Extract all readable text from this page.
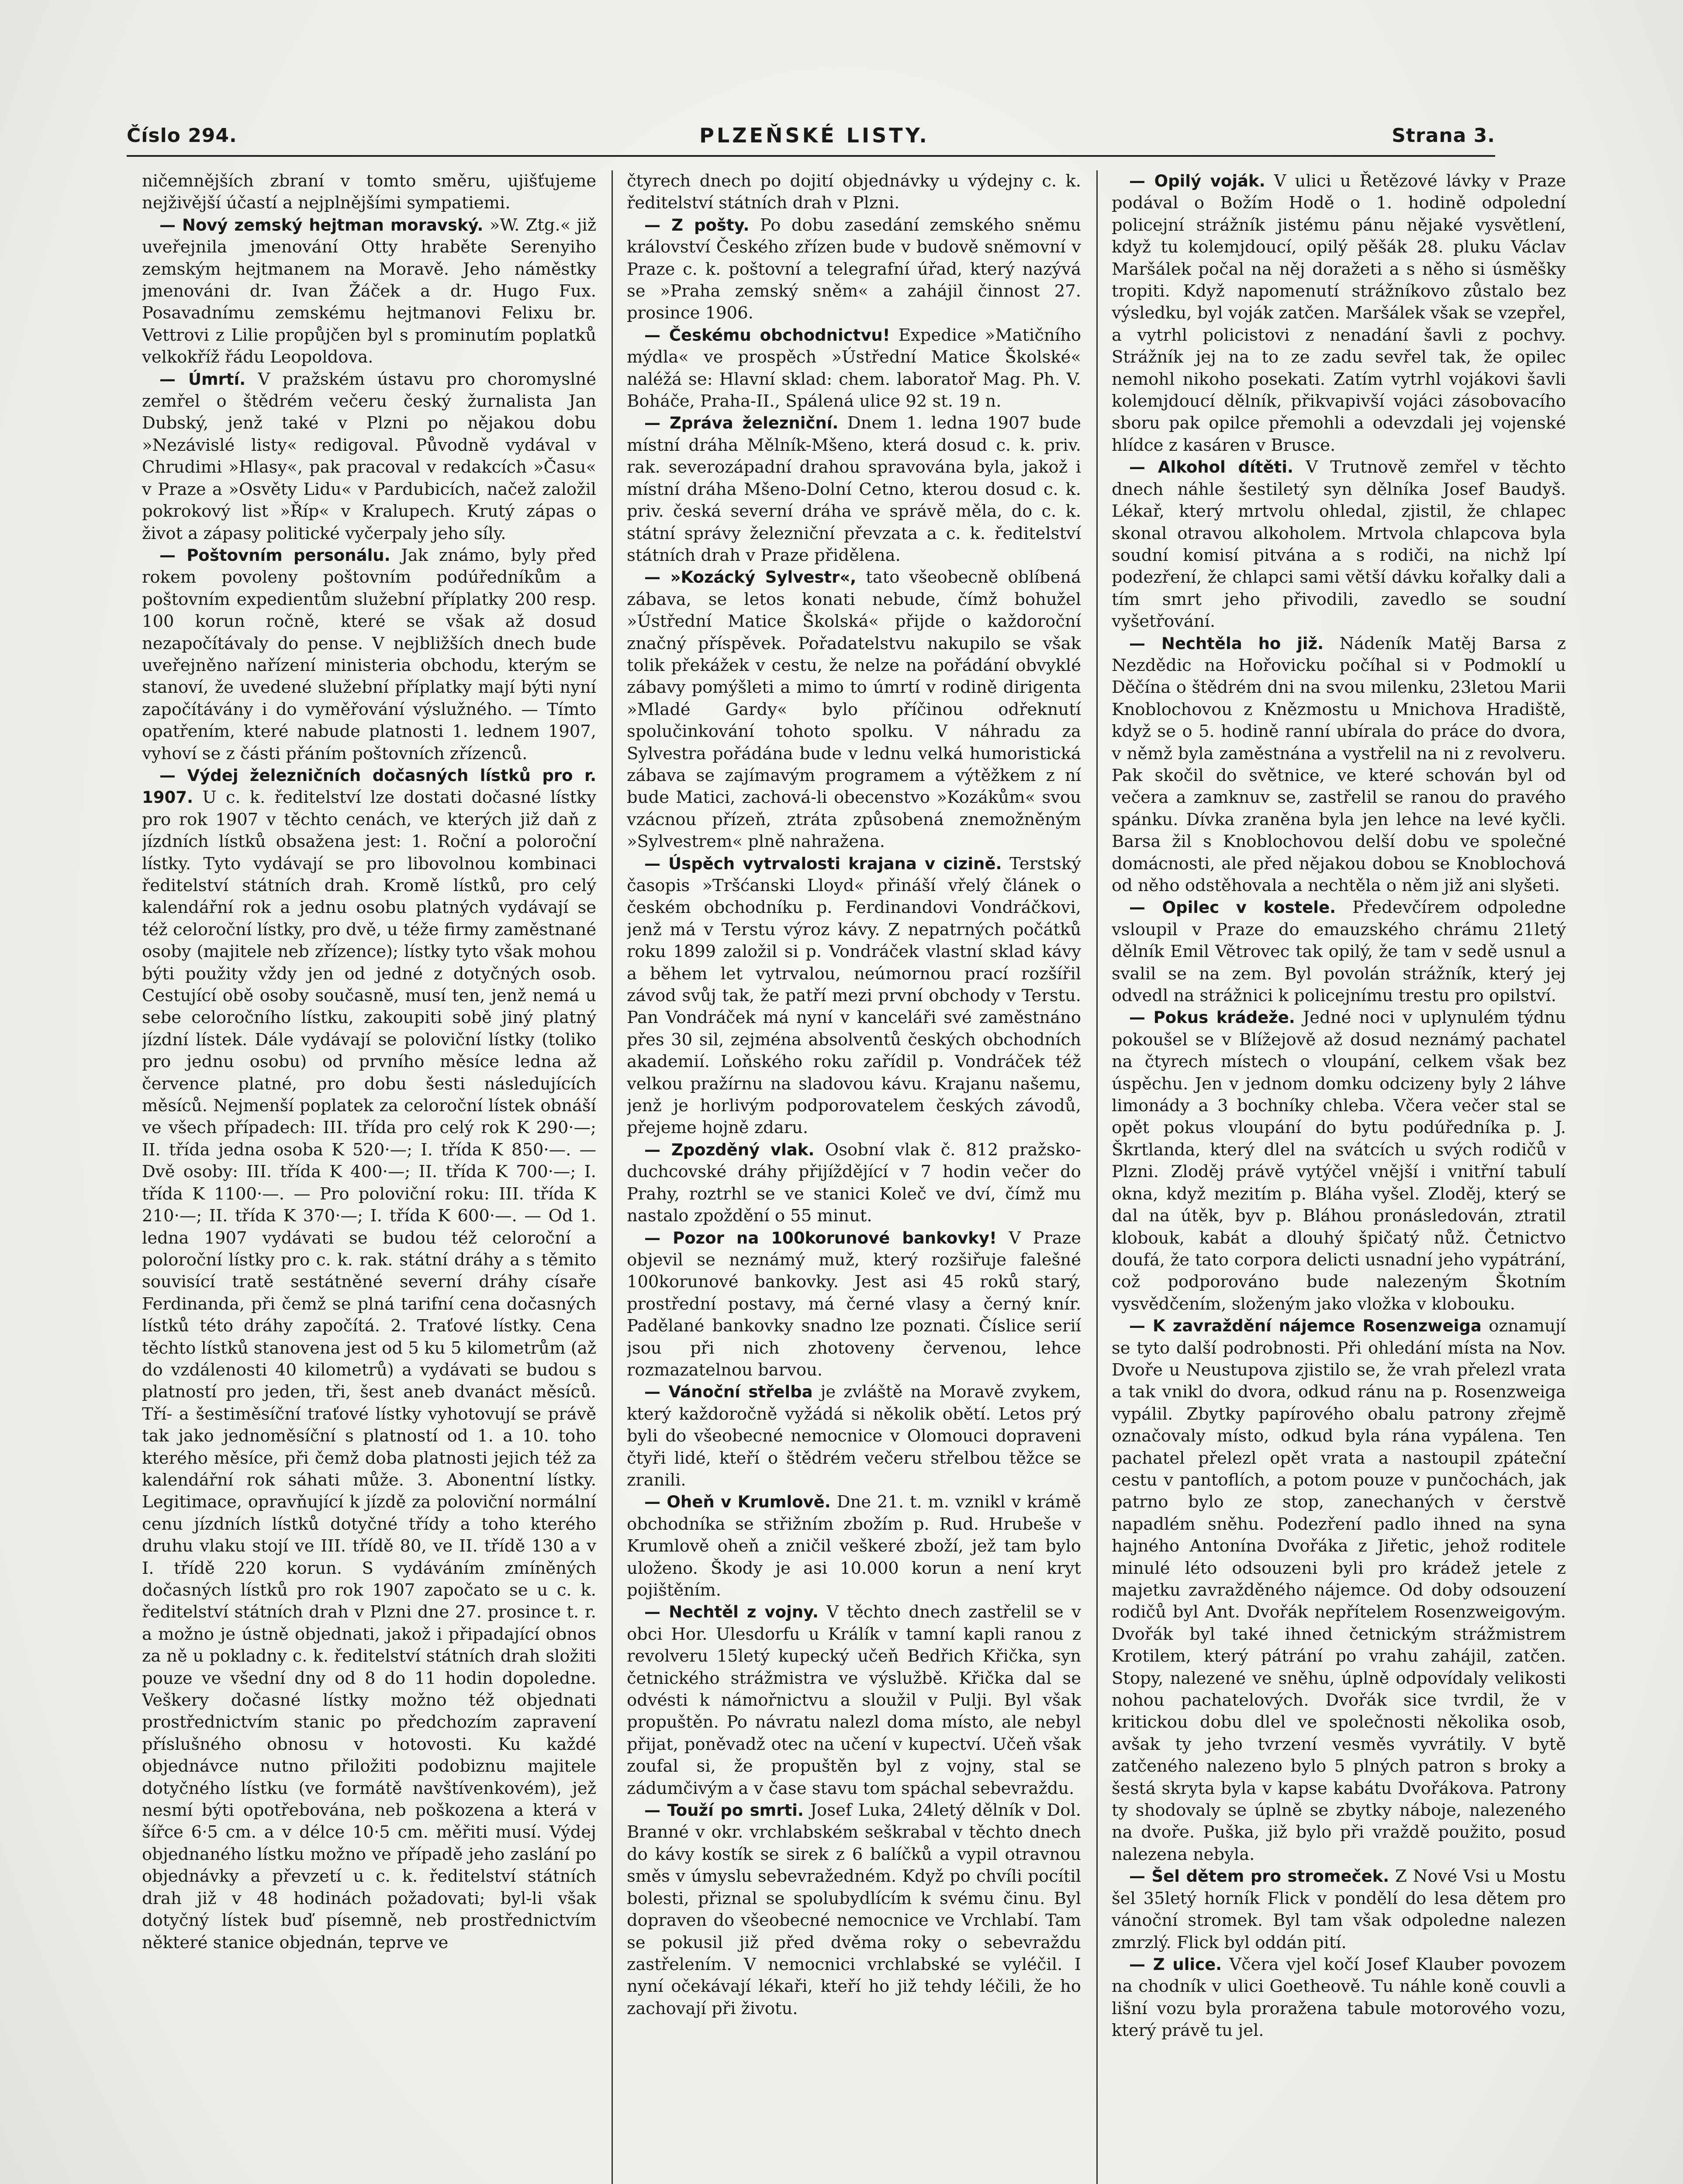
Číslo 294.	PLZEŇSKÉ LISTY.	Strana 3.

ničemnějších zbraní v tomto směru, ujišťujeme nejživější účastí a nejplnějšími sympatiemi.

— Nový zemský hejtman moravský. »W. Ztg.« již uveřejnila jmenování Otty hraběte Serenyiho zemským hejtmanem na Moravě. Jeho náměstky jmenováni dr. Ivan Žáček a dr. Hugo Fux. Posavadnímu zemskému hejtmanovi Felixu br. Vettrovi z Lilie propůjčen byl s prominutím poplatků velkokříž řádu Leopoldova.

— Úmrtí. V pražském ústavu pro choromyslné zemřel o štědrém večeru český žurnalista Jan Dubský, jenž také v Plzni po nějakou dobu »Nezávislé listy« redigoval. Původně vydával v Chrudimi »Hlasy«, pak pracoval v redakcích »Času« v Praze a »Osvěty Lidu« v Pardubicích, načež založil pokrokový list »Říp« v Kralupech. Krutý zápas o život a zápasy politické vyčerpaly jeho síly.

— Poštovním personálu. Jak známo, byly před rokem povoleny poštovním podúředníkům a poštovním expedientům služební příplatky 200 resp. 100 korun ročně, které se však až dosud nezapočítávaly do pense. V nejbližších dnech bude uveřejněno nařízení ministeria obchodu, kterým se stanoví, že uvedené služební příplatky mají býti nyní započítávány i do vyměřování výslužného. — Tímto opatřením, které nabude platnosti 1. lednem 1907, vyhoví se z části přáním poštovních zřízenců.

— Výdej železničních dočasných lístků pro r. 1907. U c. k. ředitelství lze dostati dočasné lístky pro rok 1907 v těchto cenách, ve kterých již daň z jízdních lístků obsažena jest: 1. Roční a poloroční lístky. Tyto vydávají se pro libovolnou kombinaci ředitelství státních drah. Kromě lístků, pro celý kalendářní rok a jednu osobu platných vydávají se též celoroční lístky, pro dvě, u téže firmy zaměstnané osoby (majitele neb zřízence); lístky tyto však mohou býti použity vždy jen od jedné z dotyčných osob. Cestující obě osoby současně, musí ten, jenž nemá u sebe celoročního lístku, zakoupiti sobě jiný platný jízdní lístek. Dále vydávají se poloviční lístky (toliko pro jednu osobu) od prvního měsíce ledna až července platné, pro dobu šesti následujících měsíců. Nejmenší poplatek za celoroční lístek obnáší ve všech případech: III. třída pro celý rok K 290·—; II. třída jedna osoba K 520·—; I. třída K 850·—. — Dvě osoby: III. třída K 400·—; II. třída K 700·—; I. třída K 1100·—. — Pro poloviční roku: III. třída K 210·—; II. třída K 370·—; I. třída K 600·—. — Od 1. ledna 1907 vydávati se budou též celoroční a poloroční lístky pro c. k. rak. státní dráhy a s těmito souvisící tratě sestátněné severní dráhy císaře Ferdinanda, při čemž se plná tarifní cena dočasných lístků této dráhy započítá. 2. Traťové lístky. Cena těchto lístků stanovena jest od 5 ku 5 kilometrům (až do vzdálenosti 40 kilometrů) a vydávati se budou s platností pro jeden, tři, šest aneb dvanáct měsíců. Tří- a šestiměsíční traťové lístky vyhotovují se právě tak jako jednoměsíční s platností od 1. a 10. toho kterého měsíce, při čemž doba platnosti jejich též za kalendářní rok sáhati může. 3. Abonentní lístky. Legitimace, opravňující k jízdě za poloviční normální cenu jízdních lístků dotyčné třídy a toho kterého druhu vlaku stojí ve III. třídě 80, ve II. třídě 130 a v I. třídě 220 korun. S vydáváním zmíněných dočasných lístků pro rok 1907 započato se u c. k. ředitelství státních drah v Plzni dne 27. prosince t. r. a možno je ústně objednati, jakož i připadající obnos za ně u pokladny c. k. ředitelství státních drah složiti pouze ve všední dny od 8 do 11 hodin dopoledne. Veškery dočasné lístky možno též objednati prostřednictvím stanic po předchozím zapravení příslušného obnosu v hotovosti. Ku každé objednávce nutno přiložiti podobiznu majitele dotyčného lístku (ve formátě navštívenkovém), jež nesmí býti opotřebována, neb poškozena a která v šířce 6·5 cm. a v délce 10·5 cm. měřiti musí. Výdej objednaného lístku možno ve případě jeho zaslání po objednávky a převzetí u c. k. ředitelství státních drah již v 48 hodinách požadovati; byl-li však dotyčný lístek buď písemně, neb prostřednictvím některé stanice objednán, teprve ve

čtyrech dnech po dojití objednávky u výdejny c. k. ředitelství státních drah v Plzni.

— Z pošty. Po dobu zasedání zemského sněmu království Českého zřízen bude v budově sněmovní v Praze c. k. poštovní a telegrafní úřad, který nazývá se »Praha zemský sněm« a zahájil činnost 27. prosince 1906.

— Českému obchodnictvu! Expedice »Matičního mýdla« ve prospěch »Ústřední Matice Školské« naléžá se: Hlavní sklad: chem. laboratoř Mag. Ph. V. Boháče, Praha-II., Spálená ulice 92 st. 19 n.

— Zpráva železniční. Dnem 1. ledna 1907 bude místní dráha Mělník-Mšeno, která dosud c. k. priv. rak. severozápadní drahou spravována byla, jakož i místní dráha Mšeno-Dolní Cetno, kterou dosud c. k. priv. česká severní dráha ve správě měla, do c. k. státní správy železniční převzata a c. k. ředitelství státních drah v Praze přidělena.

— »Kozácký Sylvestr«, tato všeobecně oblíbená zábava, se letos konati nebude, čímž bohužel »Ústřední Matice Školská« přijde o každoroční značný příspěvek. Pořadatelstvu nakupilo se však tolik překážek v cestu, že nelze na pořádání obvyklé zábavy pomýšleti a mimo to úmrtí v rodině dirigenta »Mladé Gardy« bylo příčinou odřeknutí spolučinkování tohoto spolku. V náhradu za Sylvestra pořádána bude v lednu velká humoristická zábava se zajímavým programem a výtěžkem z ní bude Matici, zachová-li obecenstvo »Kozákům« svou vzácnou přízeň, ztráta způsobená znemožněným »Sylvestrem« plně nahražena.

— Úspěch vytrvalosti krajana v cizině. Terstský časopis »Tršćanski Lloyd« přináší vřelý článek o českém obchodníku p. Ferdinandovi Vondráčkovi, jenž má v Terstu výroz kávy. Z nepatrných počátků roku 1899 založil si p. Vondráček vlastní sklad kávy a během let vytrvalou, neúmornou prací rozšířil závod svůj tak, že patří mezi první obchody v Terstu. Pan Vondráček má nyní v kanceláři své zaměstnáno přes 30 sil, zejména absolventů českých obchodních akademií. Loňského roku zařídil p. Vondráček též velkou pražírnu na sladovou kávu. Krajanu našemu, jenž je horlivým podporovatelem českých závodů, přejeme hojně zdaru.

— Zpozděný vlak. Osobní vlak č. 812 pražsko-duchcovské dráhy přijíždějící v 7 hodin večer do Prahy, roztrhl se ve stanici Koleč ve dví, čímž mu nastalo zpoždění o 55 minut.

— Pozor na 100korunové bankovky! V Praze objevil se neznámý muž, který rozšiřuje falešné 100korunové bankovky. Jest asi 45 roků starý, prostřední postavy, má černé vlasy a černý knír. Padělané bankovky snadno lze poznati. Číslice serií jsou při nich zhotoveny červenou, lehce rozmazatelnou barvou.

— Vánoční střelba je zvláště na Moravě zvykem, který každoročně vyžádá si několik obětí. Letos prý byli do všeobecné nemocnice v Olomouci dopraveni čtyři lidé, kteří o štědrém večeru střelbou těžce se zranili.

— Oheň v Krumlově. Dne 21. t. m. vznikl v krámě obchodníka se střižním zbožím p. Rud. Hrubeše v Krumlově oheň a zničil veškeré zboží, jež tam bylo uloženo. Škody je asi 10.000 korun a není kryt pojištěním.

— Nechtěl z vojny. V těchto dnech zastřelil se v obci Hor. Ulesdorfu u Králík v tamní kapli ranou z revolveru 15letý kupecký učeň Bedřich Křička, syn četnického strážmistra ve výslužbě. Křička dal se odvésti k námořnictvu a sloužil v Pulji. Byl však propuštěn. Po návratu nalezl doma místo, ale nebyl přijat, poněvadž otec na učení v kupectví. Učeň však zoufal si, že propuštěn byl z vojny, stal se zádumčivým a v čase stavu tom spáchal sebevraždu.

— Touží po smrti. Josef Luka, 24letý dělník v Dol. Branné v okr. vrchlabském seškrabal v těchto dnech do kávy kostík se sirek z 6 balíčků a vypil otravnou směs v úmyslu sebevražedném. Když po chvíli pocítil bolesti, přiznal se spolubydlícím k svému činu. Byl dopraven do všeobecné nemocnice ve Vrchlabí. Tam se pokusil již před dvěma roky o sebevraždu zastřelením. V nemocnici vrchlabské se vyléčil. I nyní očekávají lékaři, kteří ho již tehdy léčili, že ho zachovají při životu.

— Opilý voják. V ulici u Řetězové lávky v Praze podával o Božím Hodě o 1. hodině odpolední policejní strážník jistému pánu nějaké vysvětlení, když tu kolemjdoucí, opilý pěšák 28. pluku Václav Maršálek počal na něj doražeti a s něho si úsměšky tropiti. Když napomenutí strážníkovo zůstalo bez výsledku, byl voják zatčen. Maršálek však se vzepřel, a vytrhl policistovi z nenadání šavli z pochvy. Strážník jej na to ze zadu sevřel tak, že opilec nemohl nikoho posekati. Zatím vytrhl vojákovi šavli kolemjdoucí dělník, přikvapivší vojáci zásobovacího sboru pak opilce přemohli a odevzdali jej vojenské hlídce z kasáren v Brusce.

— Alkohol dítěti. V Trutnově zemřel v těchto dnech náhle šestiletý syn dělníka Josef Baudyš. Lékař, který mrtvolu ohledal, zjistil, že chlapec skonal otravou alkoholem. Mrtvola chlapcova byla soudní komisí pitvána a s rodiči, na nichž lpí podezření, že chlapci sami větší dávku kořalky dali a tím smrt jeho přivodili, zavedlo se soudní vyšetřování.

— Nechtěla ho již. Nádeník Matěj Barsa z Nezdědic na Hořovicku počíhal si v Podmoklí u Děčína o štědrém dni na svou milenku, 23letou Marii Knoblochovou z Knězmostu u Mnichova Hradiště, když se o 5. hodině ranní ubírala do práce do dvora, v němž byla zaměstnána a vystřelil na ni z revolveru. Pak skočil do světnice, ve které schován byl od večera a zamknuv se, zastřelil se ranou do pravého spánku. Dívka zraněna byla jen lehce na levé kyčli. Barsa žil s Knoblochovou delší dobu ve společné domácnosti, ale před nějakou dobou se Knoblochová od něho odstěhovala a nechtěla o něm již ani slyšeti.

— Opilec v kostele. Předevčírem odpoledne vsloupil v Praze do emauzského chrámu 21letý dělník Emil Větrovec tak opilý, že tam v sedě usnul a svalil se na zem. Byl povolán strážník, který jej odvedl na strážnici k policejnímu trestu pro opilství.

— Pokus krádeže. Jedné noci v uplynulém týdnu pokoušel se v Blížejově až dosud neznámý pachatel na čtyrech místech o vloupání, celkem však bez úspěchu. Jen v jednom domku odcizeny byly 2 láhve limonády a 3 bochníky chleba. Včera večer stal se opět pokus vloupání do bytu podúředníka p. J. Škrtlanda, který dlel na svátcích u svých rodičů v Plzni. Zloděj právě vytýčel vnější i vnitřní tabulí okna, když mezitím p. Bláha vyšel. Zloděj, který se dal na útěk, byv p. Bláhou pronásledován, ztratil klobouk, kabát a dlouhý špičatý nůž. Četnictvo doufá, že tato corpora delicti usnadní jeho vypátrání, což podporováno bude nalezeným Škotním vysvědčením, složeným jako vložka v klobouku.

— K zavraždění nájemce Rosenzweiga oznamují se tyto další podrobnosti. Při ohledání místa na Nov. Dvoře u Neustupova zjistilo se, že vrah přelezl vrata a tak vnikl do dvora, odkud ránu na p. Rosenzweiga vypálil. Zbytky papírového obalu patrony zřejmě označovaly místo, odkud byla rána vypálena. Ten pachatel přelezl opět vrata a nastoupil zpáteční cestu v pantoflích, a potom pouze v punčochách, jak patrno bylo ze stop, zanechaných v čerstvě napadlém sněhu. Podezření padlo ihned na syna hajného Antonína Dvořáka z Jiřetic, jehož roditele minulé léto odsouzeni byli pro krádež jetele z majetku zavražděného nájemce. Od doby odsouzení rodičů byl Ant. Dvořák nepřítelem Rosenzweigovým. Dvořák byl také ihned četnickým strážmistrem Krotilem, který pátrání po vrahu zahájil, zatčen. Stopy, nalezené ve sněhu, úplně odpovídaly velikosti nohou pachatelových. Dvořák sice tvrdil, že v kritickou dobu dlel ve společnosti několika osob, avšak ty jeho tvrzení vesměs vyvrátily. V bytě zatčeného nalezeno bylo 5 plných patron s broky a šestá skryta byla v kapse kabátu Dvořákova. Patrony ty shodovaly se úplně se zbytky náboje, nalezeného na dvoře. Puška, již bylo při vraždě použito, posud nalezena nebyla.

— Šel dětem pro stromeček. Z Nové Vsi u Mostu šel 35letý horník Flick v pondělí do lesa dětem pro vánoční stromek. Byl tam však odpoledne nalezen zmrzlý. Flick byl oddán pití.

— Z ulice. Včera vjel kočí Josef Klauber povozem na chodník v ulici Goetheově. Tu náhle koně couvli a lišní vozu byla proražena tabule motorového vozu, který právě tu jel.
